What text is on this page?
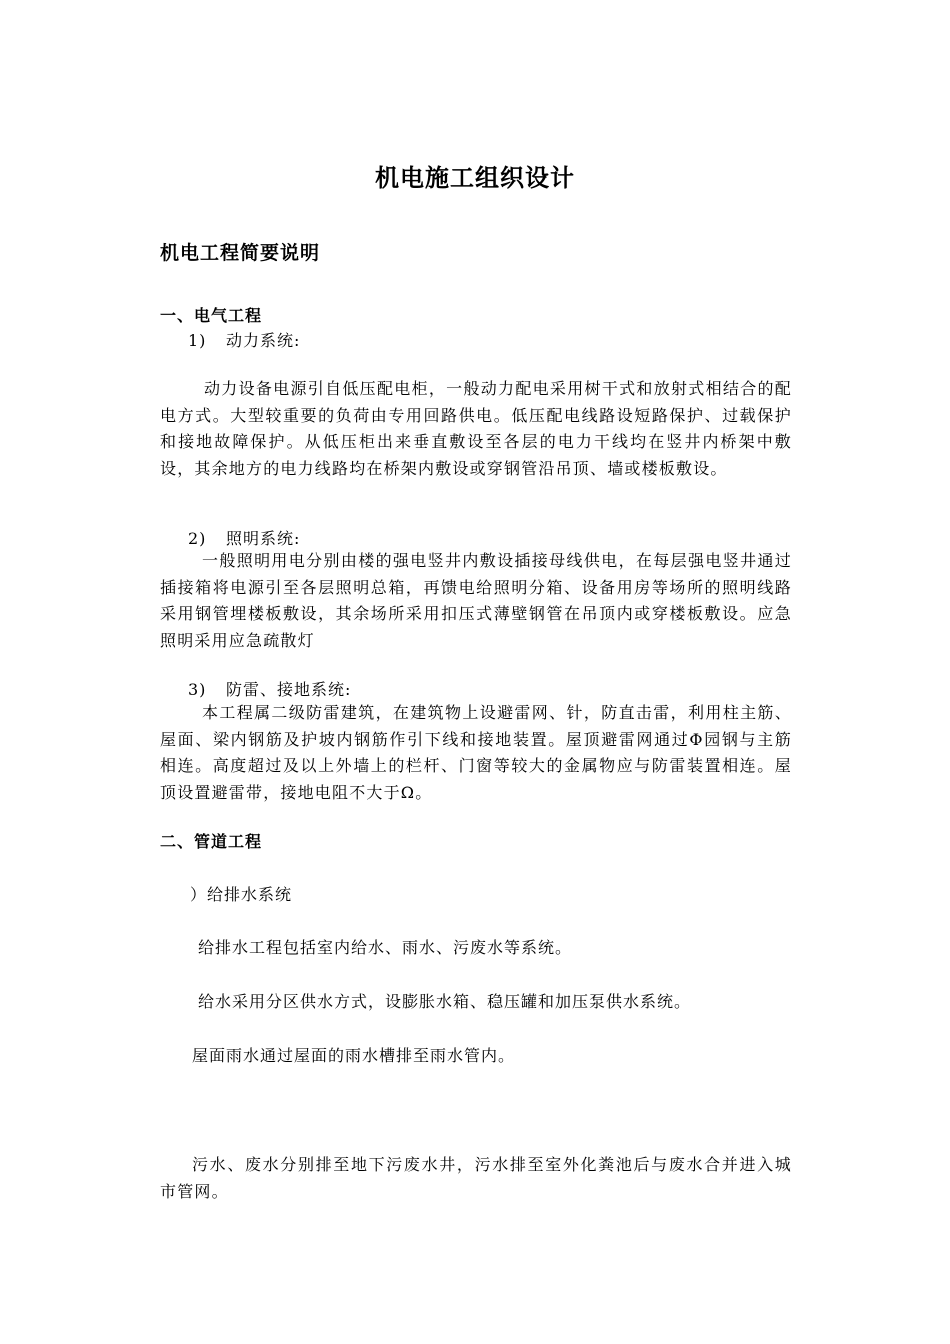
机电施工组织设计
机电工程简要说明
一、电气工程
1) 动力系统:

动力设备电源引自低压配电柜，一般动力配电采用树干式和放射式相结合的配电方式。大型较重要的负荷由专用回路供电。低压配电线路设短路保护、过载保护和接地故障保护。从低压柜出来垂直敷设至各层的电力干线均在竖井内桥架中敷设，其余地方的电力线路均在桥架内敷设或穿钢管沿吊顶、墙或楼板敷设。

2) 照明系统:

一般照明用电分别由楼的强电竖井内敷设插接母线供电，在每层强电竖井通过插接箱将电源引至各层照明总箱，再馈电给照明分箱、设备用房等场所的照明线路采用钢管埋楼板敷设，其余场所采用扣压式薄壁钢管在吊顶内或穿楼板敷设。应急照明采用应急疏散灯

3) 防雷、接地系统:

本工程属二级防雷建筑，在建筑物上设避雷网、针，防直击雷，利用柱主筋、屋面、梁内钢筋及护坡内钢筋作引下线和接地装置。屋顶避雷网通过Φ园钢与主筋相连。高度超过及以上外墙上的栏杆、门窗等较大的金属物应与防雷装置相连。屋顶设置避雷带，接地电阻不大于Ω。

二、管道工程
）给排水系统
给排水工程包括室内给水、雨水、污废水等系统。
给水采用分区供水方式，设膨胀水箱、稳压罐和加压泵供水系统。
屋面雨水通过屋面的雨水槽排至雨水管内。

污水、废水分别排至地下污废水井，污水排至室外化粪池后与废水合并进入城市管网。
